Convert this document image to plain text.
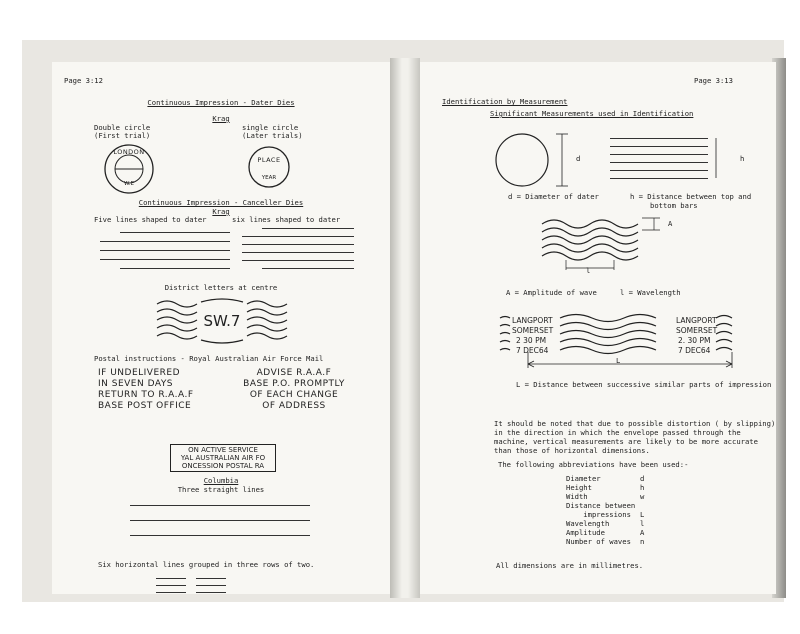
Page 3:12
Continuous Impression - Dater Dies
Krag
Double circle
(First trial)
single circle
(Later trials)
LONDON
W.E
PLACE
YEAR
Continuous Impression - Canceller Dies
Krag
Five lines shaped to dater	six lines shaped to dater
District letters at centre
SW.7
Postal instructions - Royal Australian Air Force Mail
IF UNDELIVERED
IN SEVEN DAYS
RETURN TO R.A.A.F
BASE POST OFFICE
ADVISE R.A.A.F
BASE P.O. PROMPTLY
OF EACH CHANGE
OF ADDRESS
ON ACTIVE SERVICE
YAL AUSTRALIAN AIR FO
ONCESSION POSTAL RA
Columbia
Three straight lines
Six horizontal lines grouped in three rows of two.
Page 3:13
Identification by Measurement
Significant Measurements used in Identification
d	h
d = Diameter of dater	h = Distance between top and
bottom bars
A
l
A = Amplitude of wave	l = Wavelength
LANGPORT
SOMERSET
2 30 PM
7 DEC64
LANGPORT
SOMERSET
2. 30 PM
7 DEC64
L
L = Distance between successive similar parts of impression
It should be noted that due to possible distortion ( by slipping)
in the direction in which the envelope passed through the
machine, vertical measurements are likely to be more accurate
than those of horizontal dimensions.
The following abbreviations have been used:-
Diameter	d
Height	h
Width	w
Distance between
impressions L
Wavelength	l
Amplitude	A
Number of waves n
All dimensions are in millimetres.
